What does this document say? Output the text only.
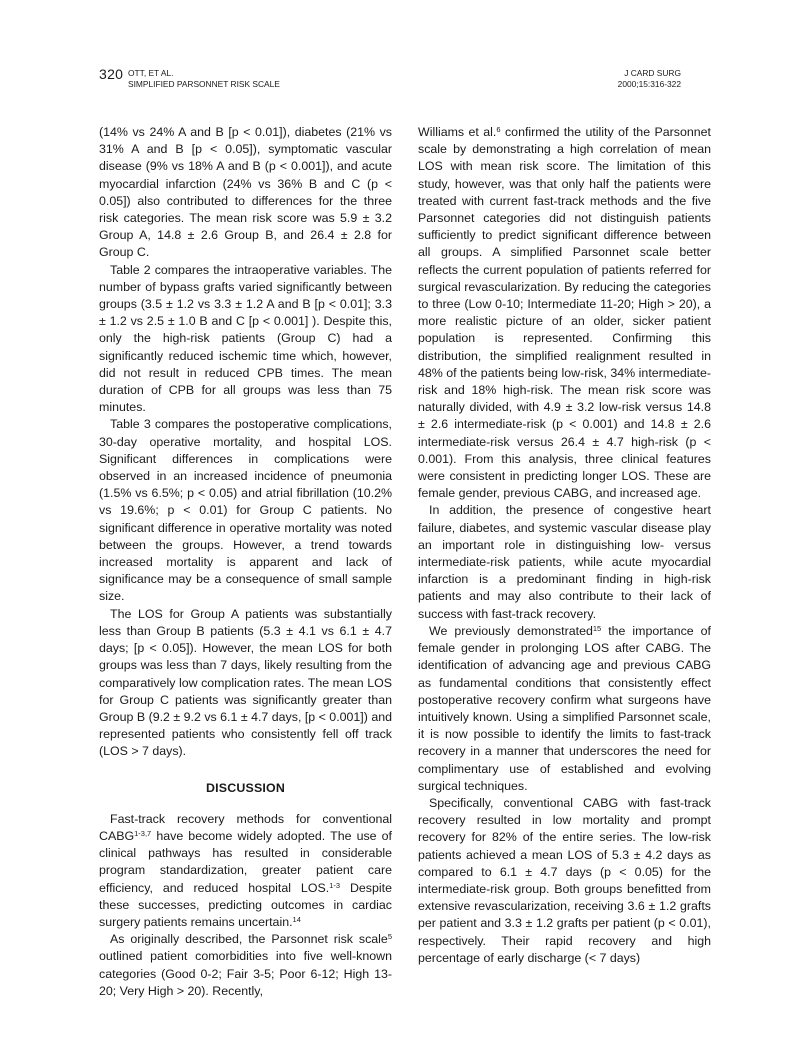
320 OTT, ET AL.
SIMPLIFIED PARSONNET RISK SCALE
J CARD SURG
2000;15:316-322

(14% vs 24% A and B [p < 0.01]), diabetes (21% vs 31% A and B [p < 0.05]), symptomatic vascular disease (9% vs 18% A and B (p < 0.001]), and acute myocardial infarction (24% vs 36% B and C (p < 0.05]) also contributed to differences for the three risk categories. The mean risk score was 5.9 ± 3.2 Group A, 14.8 ± 2.6 Group B, and 26.4 ± 2.8 for Group C.

Table 2 compares the intraoperative variables. The number of bypass grafts varied significantly between groups (3.5 ± 1.2 vs 3.3 ± 1.2 A and B [p < 0.01]; 3.3 ± 1.2 vs 2.5 ± 1.0 B and C [p < 0.001] ). Despite this, only the high-risk patients (Group C) had a significantly reduced ischemic time which, however, did not result in reduced CPB times. The mean duration of CPB for all groups was less than 75 minutes.

Table 3 compares the postoperative complications, 30-day operative mortality, and hospital LOS. Significant differences in complications were observed in an increased incidence of pneumonia (1.5% vs 6.5%; p < 0.05) and atrial fibrillation (10.2% vs 19.6%; p < 0.01) for Group C patients. No significant difference in operative mortality was noted between the groups. However, a trend towards increased mortality is apparent and lack of significance may be a consequence of small sample size.

The LOS for Group A patients was substantially less than Group B patients (5.3 ± 4.1 vs 6.1 ± 4.7 days; [p < 0.05]). However, the mean LOS for both groups was less than 7 days, likely resulting from the comparatively low complication rates. The mean LOS for Group C patients was significantly greater than Group B (9.2 ± 9.2 vs 6.1 ± 4.7 days, [p < 0.001]) and represented patients who consistently fell off track (LOS > 7 days).

DISCUSSION

Fast-track recovery methods for conventional CABG$^{1-3,7}$ have become widely adopted. The use of clinical pathways has resulted in considerable program standardization, greater patient care efficiency, and reduced hospital LOS.$^{1-3}$ Despite these successes, predicting outcomes in cardiac surgery patients remains uncertain.$^{14}$

As originally described, the Parsonnet risk scale$^5$ outlined patient comorbidities into five well-known categories (Good 0-2; Fair 3-5; Poor 6-12; High 13-20; Very High > 20). Recently,

Williams et al.$^6$ confirmed the utility of the Parsonnet scale by demonstrating a high correlation of mean LOS with mean risk score. The limitation of this study, however, was that only half the patients were treated with current fast-track methods and the five Parsonnet categories did not distinguish patients sufficiently to predict significant difference between all groups. A simplified Parsonnet scale better reflects the current population of patients referred for surgical revascularization. By reducing the categories to three (Low 0-10; Intermediate 11-20; High > 20), a more realistic picture of an older, sicker patient population is represented. Confirming this distribution, the simplified realignment resulted in 48% of the patients being low-risk, 34% intermediate-risk and 18% high-risk. The mean risk score was naturally divided, with 4.9 ± 3.2 low-risk versus 14.8 ± 2.6 intermediate-risk (p < 0.001) and 14.8 ± 2.6 intermediate-risk versus 26.4 ± 4.7 high-risk (p < 0.001). From this analysis, three clinical features were consistent in predicting longer LOS. These are female gender, previous CABG, and increased age.

In addition, the presence of congestive heart failure, diabetes, and systemic vascular disease play an important role in distinguishing low- versus intermediate-risk patients, while acute myocardial infarction is a predominant finding in high-risk patients and may also contribute to their lack of success with fast-track recovery.

We previously demonstrated$^{15}$ the importance of female gender in prolonging LOS after CABG. The identification of advancing age and previous CABG as fundamental conditions that consistently effect postoperative recovery confirm what surgeons have intuitively known. Using a simplified Parsonnet scale, it is now possible to identify the limits to fast-track recovery in a manner that underscores the need for complimentary use of established and evolving surgical techniques.

Specifically, conventional CABG with fast-track recovery resulted in low mortality and prompt recovery for 82% of the entire series. The low-risk patients achieved a mean LOS of 5.3 ± 4.2 days as compared to 6.1 ± 4.7 days (p < 0.05) for the intermediate-risk group. Both groups benefitted from extensive revascularization, receiving 3.6 ± 1.2 grafts per patient and 3.3 ± 1.2 grafts per patient (p < 0.01), respectively. Their rapid recovery and high percentage of early discharge (< 7 days)
